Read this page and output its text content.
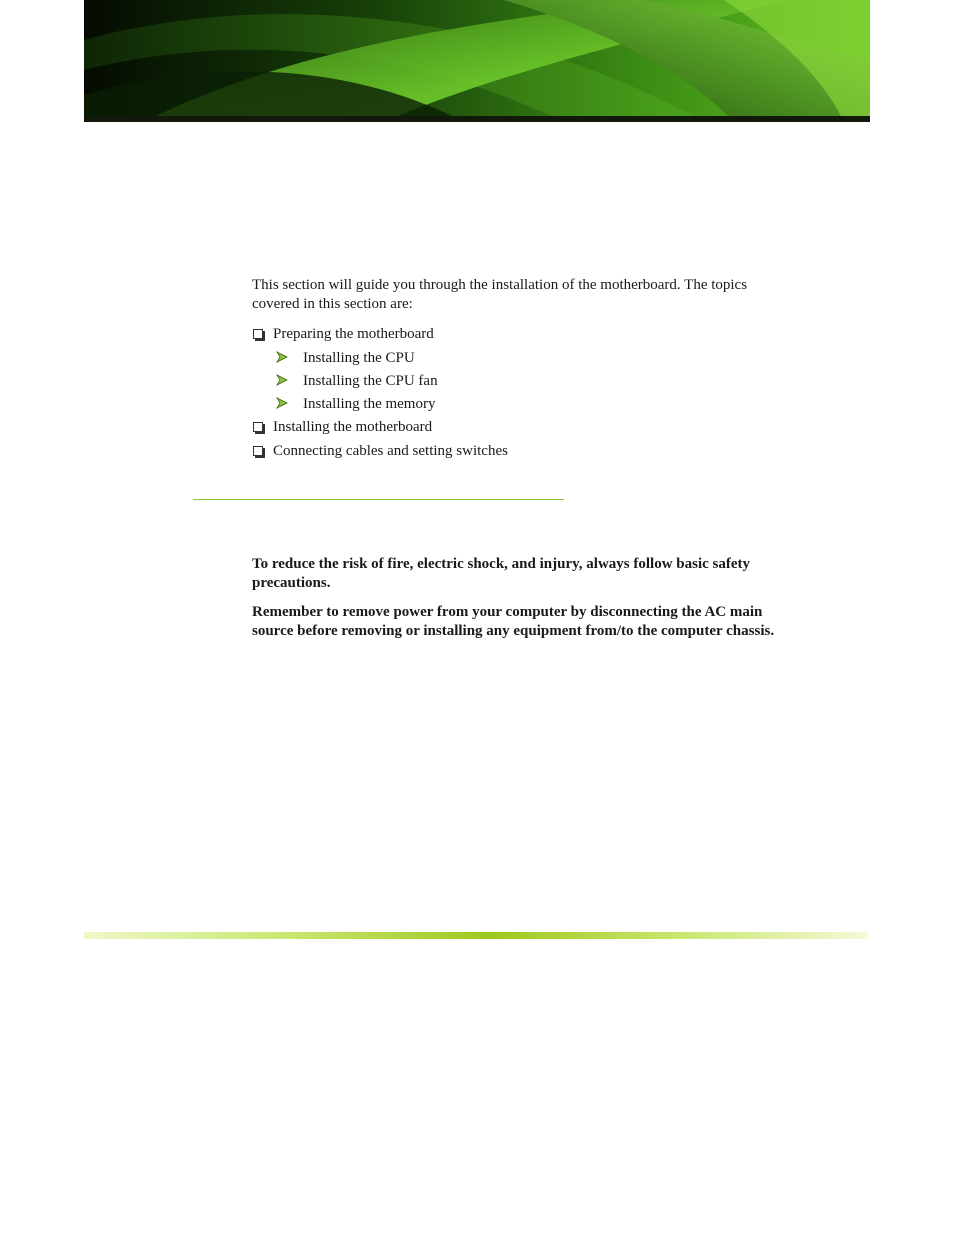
This section will guide you through the installation of the motherboard. The topics covered in this section are:

Preparing the motherboard
Installing the CPU
Installing the CPU fan
Installing the memory
Installing the motherboard
Connecting cables and setting switches

To reduce the risk of fire, electric shock, and injury, always follow basic safety precautions.

Remember to remove power from your computer by disconnecting the AC main source before removing or installing any equipment from/to the computer chassis.
